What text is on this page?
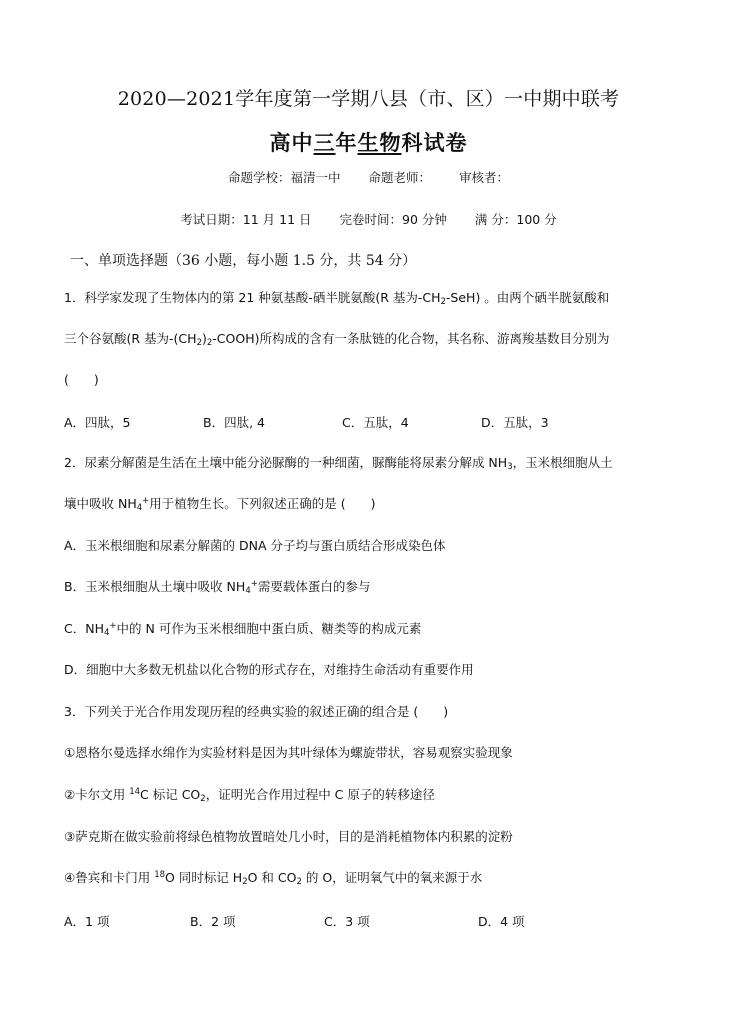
2020—2021学年度第一学期八县（市、区）一中期中联考
高中三年生物科试卷
命题学校：福清一中 命题老师： 审核者：
考试日期：11 月 11 日 完卷时间：90 分钟 满 分：100 分
一、单项选择题（36 小题，每小题 1.5 分，共 54 分）
1．科学家发现了生物体内的第 21 种氨基酸-硒半胱氨酸(R 基为$-CH_2-SeH$) 。由两个硒半胱氨酸和
三个谷氨酸(R 基为$-(CH_2)_2-COOH$)所构成的含有一条肽链的化合物，其名称、游离羧基数目分别为
(　　)
A．四肽，5	B．四肽, 4	C．五肽，4	D．五肽，3
2．尿素分解菌是生活在土壤中能分泌脲酶的一种细菌，脲酶能将尿素分解成 $NH_3$，玉米根细胞从土
壤中吸收 $NH_4^+$用于植物生长。下列叙述正确的是 (　　)
A．玉米根细胞和尿素分解菌的 DNA 分子均与蛋白质结合形成染色体
B．玉米根细胞从土壤中吸收 $NH_4^+$需要载体蛋白的参与
C．$NH_4^+$中的 N 可作为玉米根细胞中蛋白质、糖类等的构成元素
D．细胞中大多数无机盐以化合物的形式存在，对维持生命活动有重要作用
3．下列关于光合作用发现历程的经典实验的叙述正确的组合是 (　　)
①恩格尔曼选择水绵作为实验材料是因为其叶绿体为螺旋带状，容易观察实验现象
②卡尔文用 $^{14}$C 标记 $CO_2$，证明光合作用过程中 C 原子的转移途径
③萨克斯在做实验前将绿色植物放置暗处几小时，目的是消耗植物体内积累的淀粉
④鲁宾和卡门用 $^{18}$O 同时标记 $H_2O$ 和 $CO_2$ 的 O，证明氧气中的氧来源于水
A．1 项	B．2 项	C．3 项	D．4 项
